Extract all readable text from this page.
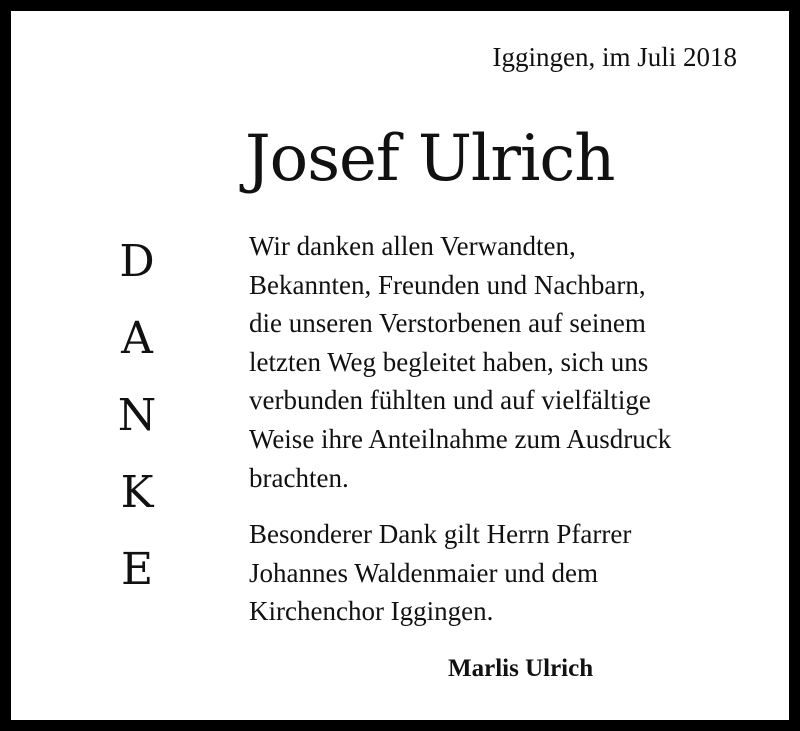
Iggingen, im Juli 2018
Josef Ulrich
D
A
N
K
E
Wir danken allen Verwandten,
Bekannten, Freunden und Nachbarn,
die unseren Verstorbenen auf seinem
letzten Weg begleitet haben, sich uns
verbunden fühlten und auf vielfältige
Weise ihre Anteilnahme zum Ausdruck
brachten.
Besonderer Dank gilt Herrn Pfarrer
Johannes Waldenmaier und dem
Kirchenchor Iggingen.
Marlis Ulrich
